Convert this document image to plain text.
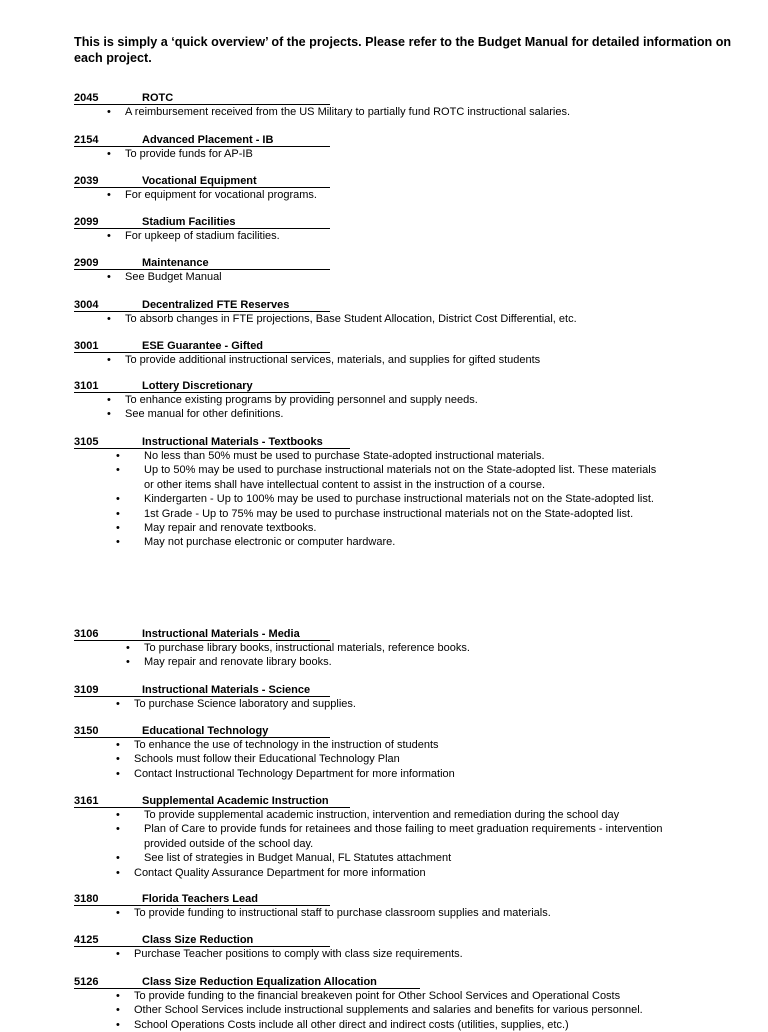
This is simply a ‘quick overview’ of the projects. Please refer to the Budget Manual for detailed information on each project.
2045	ROTC
• A reimbursement received from the US Military to partially fund ROTC instructional salaries.
2154	Advanced Placement - IB
• To provide funds for AP-IB
2039	Vocational Equipment
• For equipment for vocational programs.
2099	Stadium Facilities
• For upkeep of stadium facilities.
2909	Maintenance
• See Budget Manual
3004	Decentralized FTE Reserves
• To absorb changes in FTE projections, Base Student Allocation, District Cost Differential, etc.
3001	ESE Guarantee - Gifted
• To provide additional instructional services, materials, and supplies for gifted students
3101	Lottery Discretionary
• To enhance existing programs by providing personnel and supply needs.
• See manual for other definitions.
3105	Instructional Materials - Textbooks
• No less than 50% must be used to purchase State-adopted instructional materials.
• Up to 50% may be used to purchase instructional materials not on the State-adopted list. These materials
or other items shall have intellectual content to assist in the instruction of a course.
• Kindergarten - Up to 100% may be used to purchase instructional materials not on the State-adopted list.
• 1st Grade - Up to 75% may be used to purchase instructional materials not on the State-adopted list.
• May repair and renovate textbooks.
• May not purchase electronic or computer hardware.
3106	Instructional Materials - Media
• To purchase library books, instructional materials, reference books.
• May repair and renovate library books.
3109	Instructional Materials - Science
• To purchase Science laboratory and supplies.
3150	Educational Technology
• To enhance the use of technology in the instruction of students
• Schools must follow their Educational Technology Plan
• Contact Instructional Technology Department for more information
3161	Supplemental Academic Instruction
• To provide supplemental academic instruction, intervention and remediation during the school day
• Plan of Care to provide funds for retainees and those failing to meet graduation requirements - intervention
provided outside of the school day.
• See list of strategies in Budget Manual, FL Statutes attachment
• Contact Quality Assurance Department for more information
3180	Florida Teachers Lead
• To provide funding to instructional staff to purchase classroom supplies and materials.
4125	Class Size Reduction
• Purchase Teacher positions to comply with class size requirements.
5126	Class Size Reduction Equalization Allocation
• To provide funding to the financial breakeven point for Other School Services and Operational Costs
• Other School Services include instructional supplements and salaries and benefits for various personnel.
• School Operations Costs include all other direct and indirect costs (utilities, supplies, etc.)
